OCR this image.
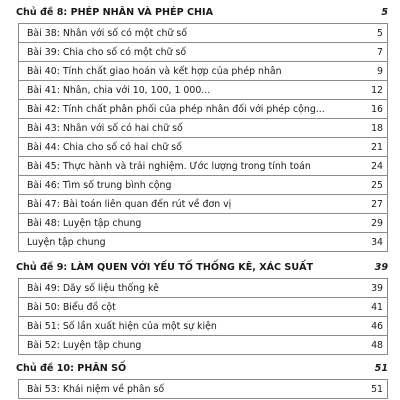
Chủ đề 8: PHÉP NHÂN VÀ PHÉP CHIA	5
Bài 38: Nhân với số có một chữ số	5
Bài 39: Chia cho số có một chữ số	7
Bài 40: Tính chất giao hoán và kết hợp của phép nhân	9
Bài 41: Nhân, chia với 10, 100, 1 000...	12
Bài 42: Tính chất phân phối của phép nhân đối với phép cộng...	16
Bài 43: Nhân với số có hai chữ số	18
Bài 44: Chia cho số có hai chữ số	21
Bài 45: Thực hành và trải nghiệm. Ước lượng trong tính toán	24
Bài 46: Tìm số trung bình cộng	25
Bài 47: Bài toán liên quan đến rút về đơn vị	27
Bài 48: Luyện tập chung	29
Luyện tập chung	34
Chủ đề 9: LÀM QUEN VỚI YẾU TỐ THỐNG KÊ, XÁC SUẤT	39
Bài 49: Dãy số liệu thống kê	39
Bài 50: Biểu đồ cột	41
Bài 51: Số lần xuất hiện của một sự kiện	46
Bài 52: Luyện tập chung	48
Chủ đề 10: PHÂN SỐ	51
Bài 53: Khái niệm về phân số	51
